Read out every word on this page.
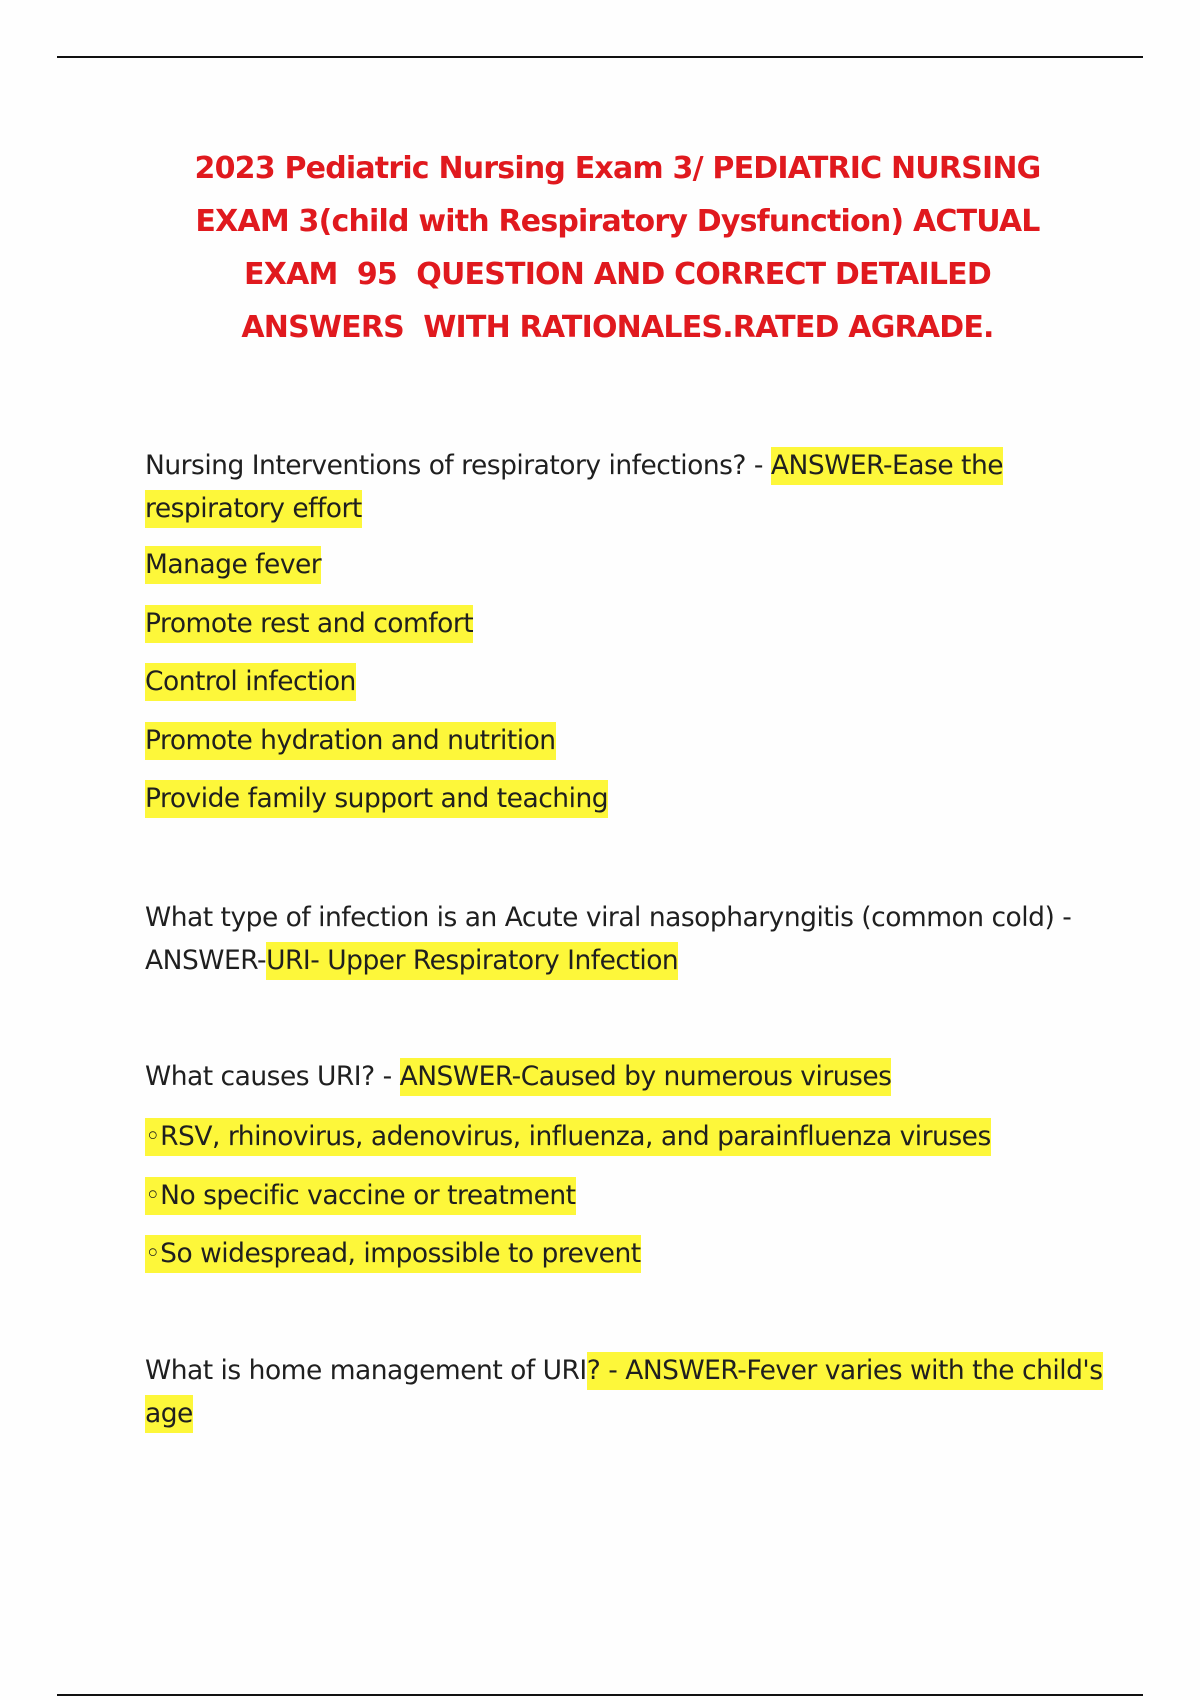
2023 Pediatric Nursing Exam 3/ PEDIATRIC NURSING
EXAM 3(child with Respiratory Dysfunction) ACTUAL
EXAM  95  QUESTION AND CORRECT DETAILED
ANSWERS  WITH RATIONALES.RATED AGRADE.

Nursing Interventions of respiratory infections? - ANSWER-Ease the respiratory effort

Manage fever

Promote rest and comfort

Control infection

Promote hydration and nutrition

Provide family support and teaching

What type of infection is an Acute viral nasopharyngitis (common cold) - ANSWER-URI- Upper Respiratory Infection

What causes URI? - ANSWER-Caused by numerous viruses

◦RSV, rhinovirus, adenovirus, influenza, and parainfluenza viruses

◦No specific vaccine or treatment

◦So widespread, impossible to prevent

What is home management of URI? - ANSWER-Fever varies with the child's age
